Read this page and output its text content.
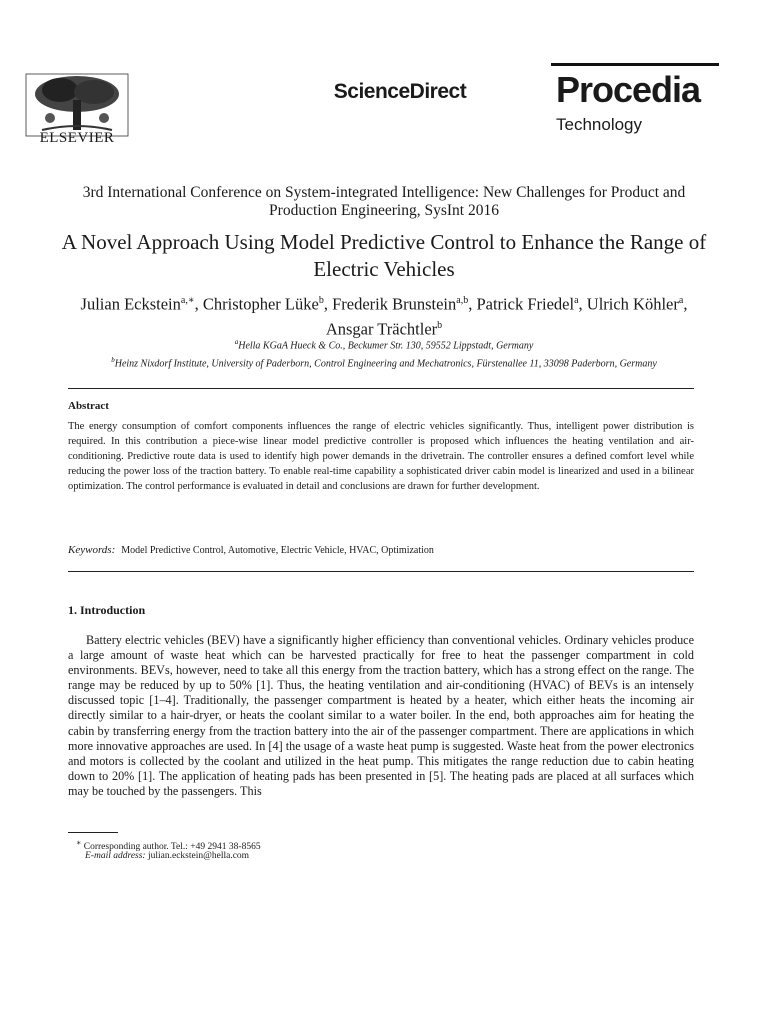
ELSEVIER
ScienceDirect	Procedia
Technology
3rd International Conference on System-integrated Intelligence: New Challenges for Product and Production Engineering, SysInt 2016
A Novel Approach Using Model Predictive Control to Enhance the Range of Electric Vehicles
Julian Eckstein$^{a,∗}$, Christopher Lüke$^b$, Frederik Brunstein$^{a,b}$, Patrick Friedel$^a$, Ulrich Köhler$^a$, Ansgar Trächtler$^b$
$^a$Hella KGaA Hueck & Co., Beckumer Str. 130, 59552 Lippstadt, Germany
$^b$Heinz Nixdorf Institute, University of Paderborn, Control Engineering and Mechatronics, Fürstenallee 11, 33098 Paderborn, Germany
Abstract
The energy consumption of comfort components influences the range of electric vehicles significantly. Thus, intelligent power distribution is required. In this contribution a piece-wise linear model predictive controller is proposed which influences the heating ventilation and air-conditioning. Predictive route data is used to identify high power demands in the drivetrain. The controller ensures a defined comfort level while reducing the power loss of the traction battery. To enable real-time capability a sophisticated driver cabin model is linearized and used in a bilinear optimization. The control performance is evaluated in detail and conclusions are drawn for further development.
Keywords: Model Predictive Control, Automotive, Electric Vehicle, HVAC, Optimization
1. Introduction
Battery electric vehicles (BEV) have a significantly higher efficiency than conventional vehicles. Ordinary vehicles produce a large amount of waste heat which can be harvested practically for free to heat the passenger compartment in cold environments. BEVs, however, need to take all this energy from the traction battery, which has a strong effect on the range. The range may be reduced by up to 50% [1]. Thus, the heating ventilation and air-conditioning (HVAC) of BEVs is an intensely discussed topic [1–4]. Traditionally, the passenger compartment is heated by a heater, which either heats the incoming air directly similar to a hair-dryer, or heats the coolant similar to a water boiler. In the end, both approaches aim for heating the cabin by transferring energy from the traction battery into the air of the passenger compartment. There are applications in which more innovative approaches are used. In [4] the usage of a waste heat pump is suggested. Waste heat from the power electronics and motors is collected by the coolant and utilized in the heat pump. This mitigates the range reduction due to cabin heating down to 20% [1]. The application of heating pads has been presented in [5]. The heating pads are placed at all surfaces which may be touched by the passengers. This
∗ Corresponding author. Tel.: +49 2941 38-8565
E-mail address: julian.eckstein@hella.com
